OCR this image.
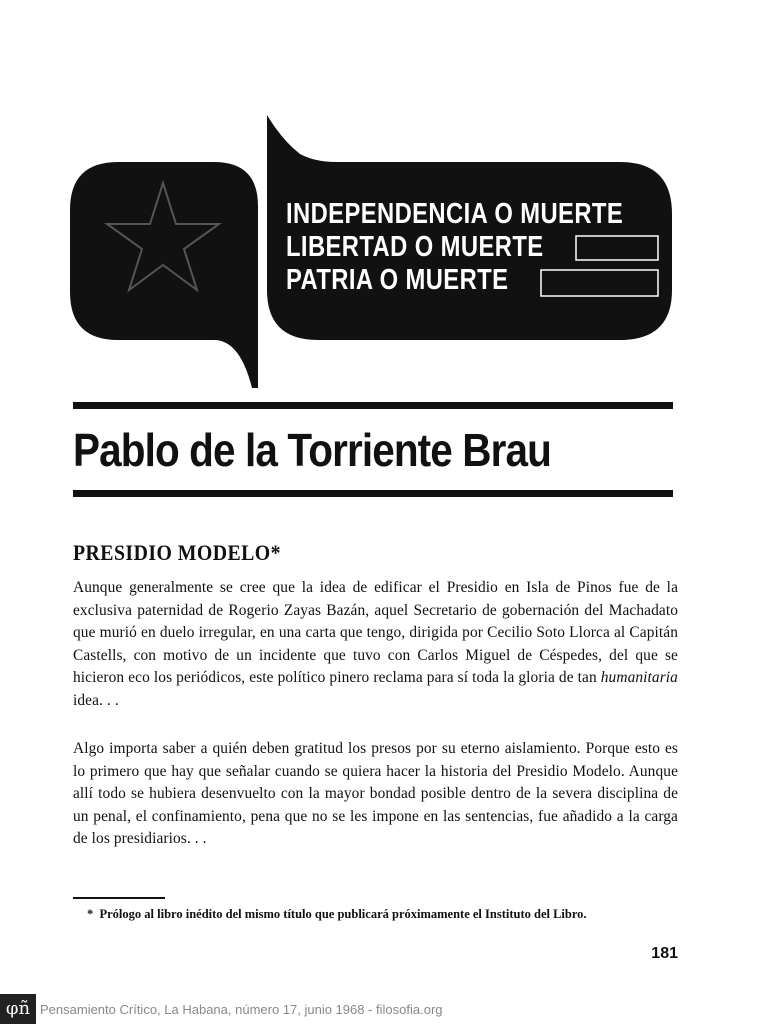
INDEPENDENCIA O MUERTE
LIBERTAD O MUERTE
PATRIA O MUERTE
Pablo de la Torriente Brau
PRESIDIO MODELO*
Aunque generalmente se cree que la idea de edificar el Presidio en Isla de Pinos fue de la exclusiva paternidad de Rogerio Zayas Bazán, aquel Secretario de gobernación del Machadato que murió en duelo irregular, en una carta que tengo, dirigida por Cecilio Soto Llorca al Capitán Castells, con motivo de un incidente que tuvo con Carlos Miguel de Céspedes, del que se hicieron eco los periódicos, este político pinero reclama para sí toda la gloria de tan humanitaria idea. . .
Algo importa saber a quién deben gratitud los presos por su eterno aislamiento. Porque esto es lo primero que hay que señalar cuando se quiera hacer la historia del Presidio Modelo. Aunque allí todo se hubiera desenvuelto con la mayor bondad posible dentro de la severa disciplina de un penal, el confinamiento, pena que no se les impone en las sentencias, fue añadido a la carga de los presidiarios. . .
* Prólogo al libro inédito del mismo título que publicará próximamente el Instituto del Libro.
181
φñ Pensamiento Crítico, La Habana, número 17, junio 1968 - filosofia.org
